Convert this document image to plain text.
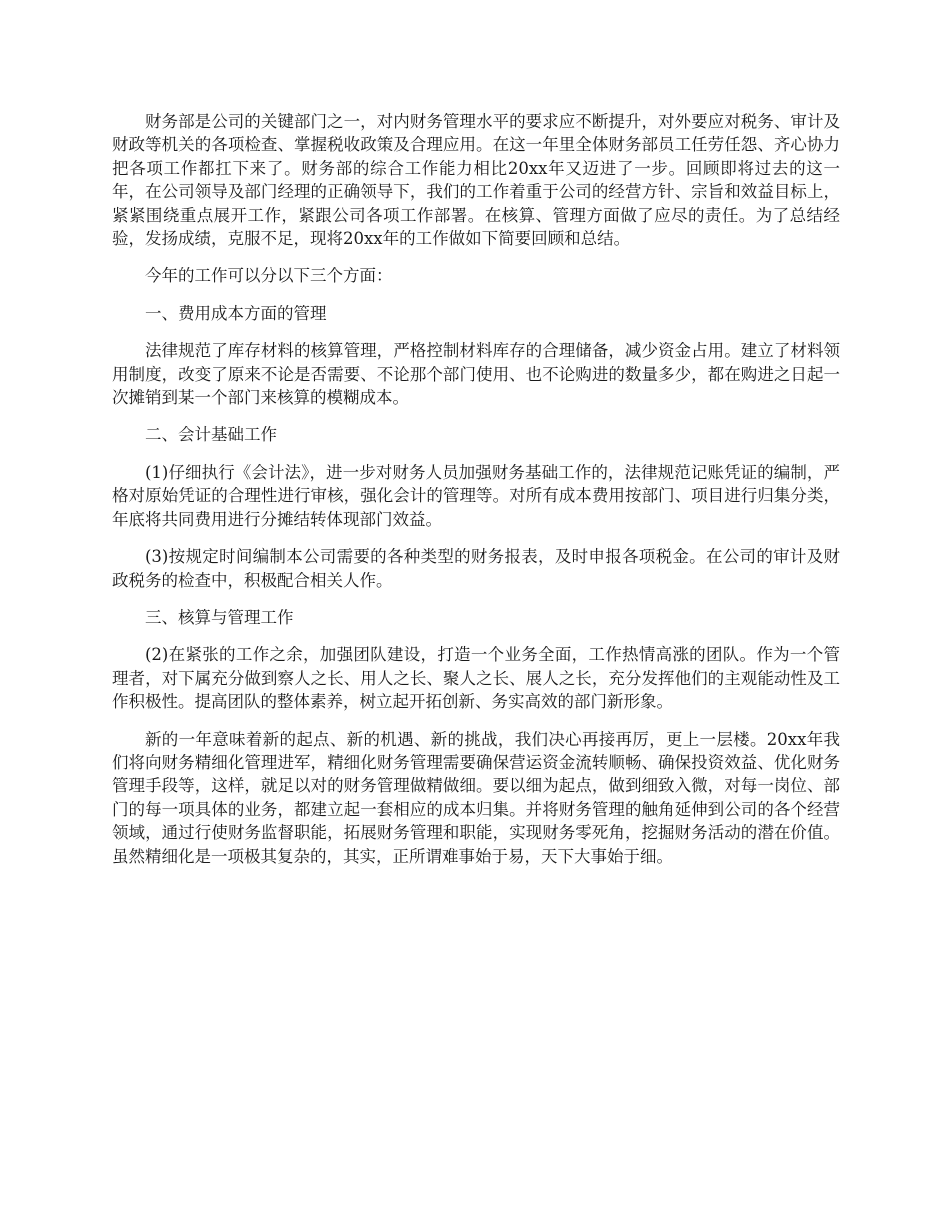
财务部是公司的关键部门之一，对内财务管理水平的要求应不断提升，对外要应对税务、审计及财政等机关的各项检查、掌握税收政策及合理应用。在这一年里全体财务部员工任劳任怨、齐心协力把各项工作都扛下来了。财务部的综合工作能力相比20xx年又迈进了一步。回顾即将过去的这一年，在公司领导及部门经理的正确领导下，我们的工作着重于公司的经营方针、宗旨和效益目标上，紧紧围绕重点展开工作，紧跟公司各项工作部署。在核算、管理方面做了应尽的责任。为了总结经验，发扬成绩，克服不足，现将20xx年的工作做如下简要回顾和总结。

今年的工作可以分以下三个方面：

一、费用成本方面的管理

法律规范了库存材料的核算管理，严格控制材料库存的合理储备，减少资金占用。建立了材料领用制度，改变了原来不论是否需要、不论那个部门使用、也不论购进的数量多少，都在购进之日起一次摊销到某一个部门来核算的模糊成本。

二、会计基础工作

(1)仔细执行《会计法》，进一步对财务人员加强财务基础工作的，法律规范记账凭证的编制，严格对原始凭证的合理性进行审核，强化会计的管理等。对所有成本费用按部门、项目进行归集分类，年底将共同费用进行分摊结转体现部门效益。

(3)按规定时间编制本公司需要的各种类型的财务报表，及时申报各项税金。在公司的审计及财政税务的检查中，积极配合相关人作。

三、核算与管理工作

(2)在紧张的工作之余，加强团队建设，打造一个业务全面，工作热情高涨的团队。作为一个管理者，对下属充分做到察人之长、用人之长、聚人之长、展人之长，充分发挥他们的主观能动性及工作积极性。提高团队的整体素养，树立起开拓创新、务实高效的部门新形象。

新的一年意味着新的起点、新的机遇、新的挑战，我们决心再接再厉，更上一层楼。20xx年我们将向财务精细化管理进军，精细化财务管理需要确保营运资金流转顺畅、确保投资效益、优化财务管理手段等，这样，就足以对的财务管理做精做细。要以细为起点，做到细致入微，对每一岗位、部门的每一项具体的业务，都建立起一套相应的成本归集。并将财务管理的触角延伸到公司的各个经营领域，通过行使财务监督职能，拓展财务管理和职能，实现财务零死角，挖掘财务活动的潜在价值。虽然精细化是一项极其复杂的，其实，正所谓难事始于易，天下大事始于细。
